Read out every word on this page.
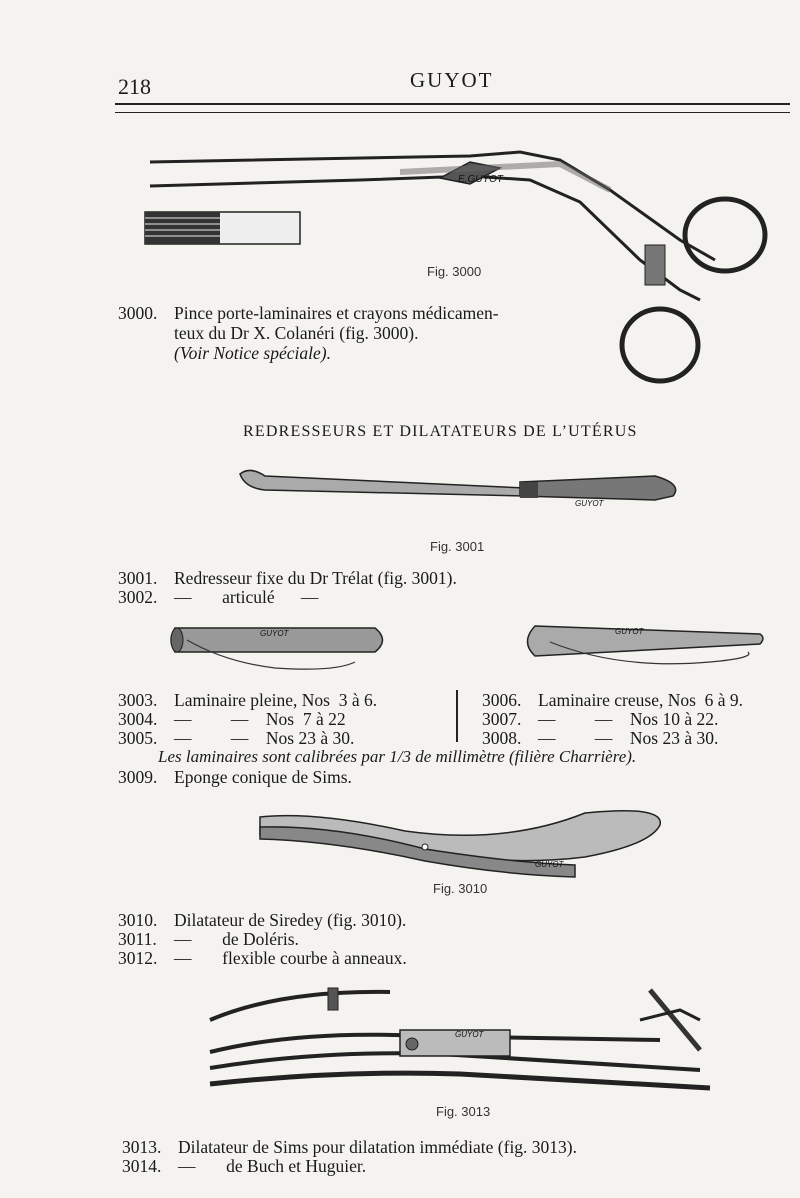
218	GUYOT
E.GUYOT
Fig. 3000
3000. Pince porte-laminaires et crayons médicamen-
teux du Dr X. Colanéri (fig. 3000).
(Voir Notice spéciale).
REDRESSEURS ET DILATATEURS DE L’UTÉRUS
GUYOT
Fig. 3001
3001. Redresseur fixe du Dr Trélat (fig. 3001).
3002. —       articulé      —
GUYOT	GUYOT
3003. Laminaire pleine, Nos  3 à 6.
3004. —         —    Nos  7 à 22
3005. —         —    Nos 23 à 30.
3006. Laminaire creuse, Nos  6 à 9.
3007. —         —    Nos 10 à 22.
3008. —         —    Nos 23 à 30.
Les laminaires sont calibrées par 1/3 de millimètre (filière Charrière).
3009. Eponge conique de Sims.
GUYOT
Fig. 3010
3010. Dilatateur de Siredey (fig. 3010).
3011. —       de Doléris.
3012. —       flexible courbe à anneaux.
GUYOT
Fig. 3013
3013. Dilatateur de Sims pour dilatation immédiate (fig. 3013).
3014. —       de Buch et Huguier.
